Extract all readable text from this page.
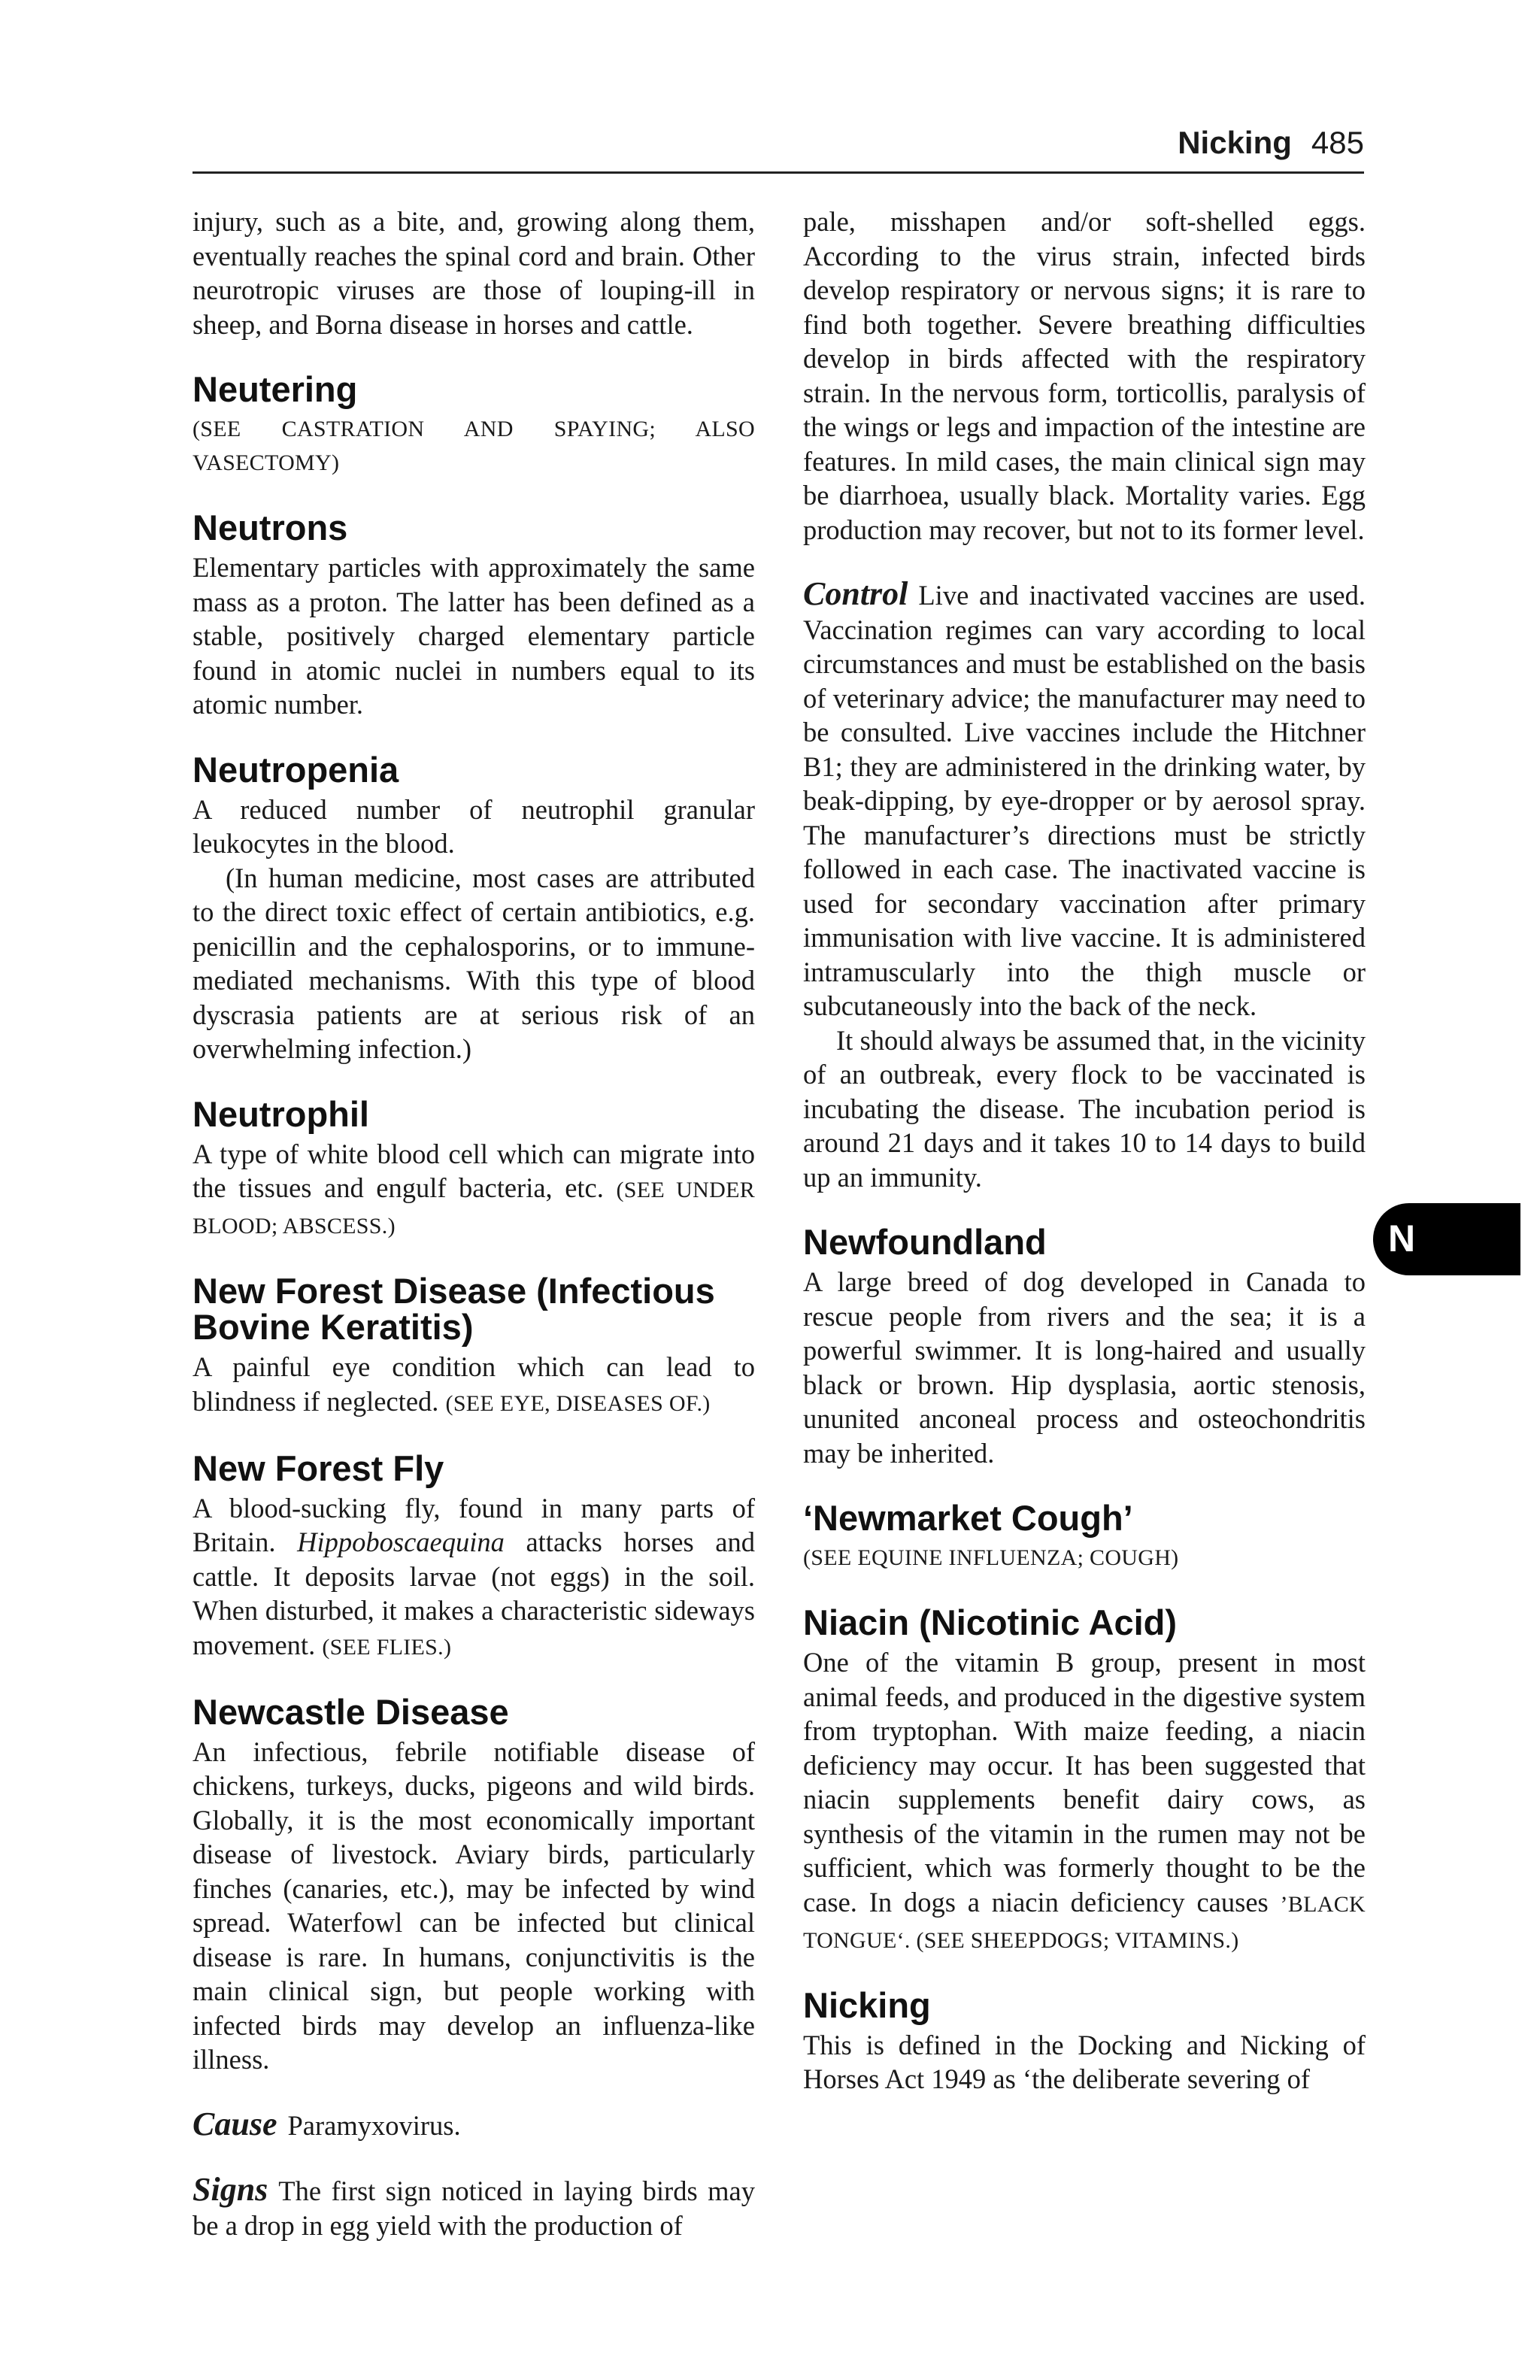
Nicking 485

injury, such as a bite, and, growing along them, eventually reaches the spinal cord and brain. Other neurotropic viruses are those of louping-ill in sheep, and Borna disease in horses and cattle.

Neutering

(SEE CASTRATION AND SPAYING; ALSO VASECTOMY)

Neutrons

Elementary particles with approximately the same mass as a proton. The latter has been defined as a stable, positively charged elementary particle found in atomic nuclei in numbers equal to its atomic number.

Neutropenia

A reduced number of neutrophil granular leukocytes in the blood.

(In human medicine, most cases are attributed to the direct toxic effect of certain antibiotics, e.g. penicillin and the cephalosporins, or to immune-mediated mechanisms. With this type of blood dyscrasia patients are at serious risk of an overwhelming infection.)

Neutrophil

A type of white blood cell which can migrate into the tissues and engulf bacteria, etc. (SEE UNDER BLOOD; ABSCESS.)

New Forest Disease (Infectious Bovine Keratitis)

A painful eye condition which can lead to blindness if neglected. (SEE EYE, DISEASES OF.)

New Forest Fly

A blood-sucking fly, found in many parts of Britain. Hippoboscaequina attacks horses and cattle. It deposits larvae (not eggs) in the soil. When disturbed, it makes a characteristic sideways movement. (SEE FLIES.)

Newcastle Disease

An infectious, febrile notifiable disease of chickens, turkeys, ducks, pigeons and wild birds. Globally, it is the most economically important disease of livestock. Aviary birds, particularly finches (canaries, etc.), may be infected by wind spread. Waterfowl can be infected but clinical disease is rare. In humans, conjunctivitis is the main clinical sign, but people working with infected birds may develop an influenza-like illness.

Cause Paramyxovirus.

Signs The first sign noticed in laying birds may be a drop in egg yield with the production of

pale, misshapen and/or soft-shelled eggs. According to the virus strain, infected birds develop respiratory or nervous signs; it is rare to find both together. Severe breathing difficulties develop in birds affected with the respiratory strain. In the nervous form, torticollis, paralysis of the wings or legs and impaction of the intestine are features. In mild cases, the main clinical sign may be diarrhoea, usually black. Mortality varies. Egg production may recover, but not to its former level.

Control Live and inactivated vaccines are used. Vaccination regimes can vary according to local circumstances and must be established on the basis of veterinary advice; the manufacturer may need to be consulted. Live vaccines include the Hitchner B1; they are administered in the drinking water, by beak-dipping, by eye-dropper or by aerosol spray. The manufacturer’s directions must be strictly followed in each case. The inactivated vaccine is used for secondary vaccination after primary immunisation with live vaccine. It is administered intramuscularly into the thigh muscle or subcutaneously into the back of the neck.

It should always be assumed that, in the vicinity of an outbreak, every flock to be vaccinated is incubating the disease. The incubation period is around 21 days and it takes 10 to 14 days to build up an immunity.

Newfoundland

A large breed of dog developed in Canada to rescue people from rivers and the sea; it is a powerful swimmer. It is long-haired and usually black or brown. Hip dysplasia, aortic stenosis, ununited anconeal process and osteochondritis may be inherited.

‘Newmarket Cough’

(SEE EQUINE INFLUENZA; COUGH)

Niacin (Nicotinic Acid)

One of the vitamin B group, present in most animal feeds, and produced in the digestive system from tryptophan. With maize feeding, a niacin deficiency may occur. It has been suggested that niacin supplements benefit dairy cows, as synthesis of the vitamin in the rumen may not be sufficient, which was formerly thought to be the case. In dogs a niacin deficiency causes ’BLACK TONGUE‘. (SEE SHEEPDOGS; VITAMINS.)

Nicking

This is defined in the Docking and Nicking of Horses Act 1949 as ‘the deliberate severing of

N
